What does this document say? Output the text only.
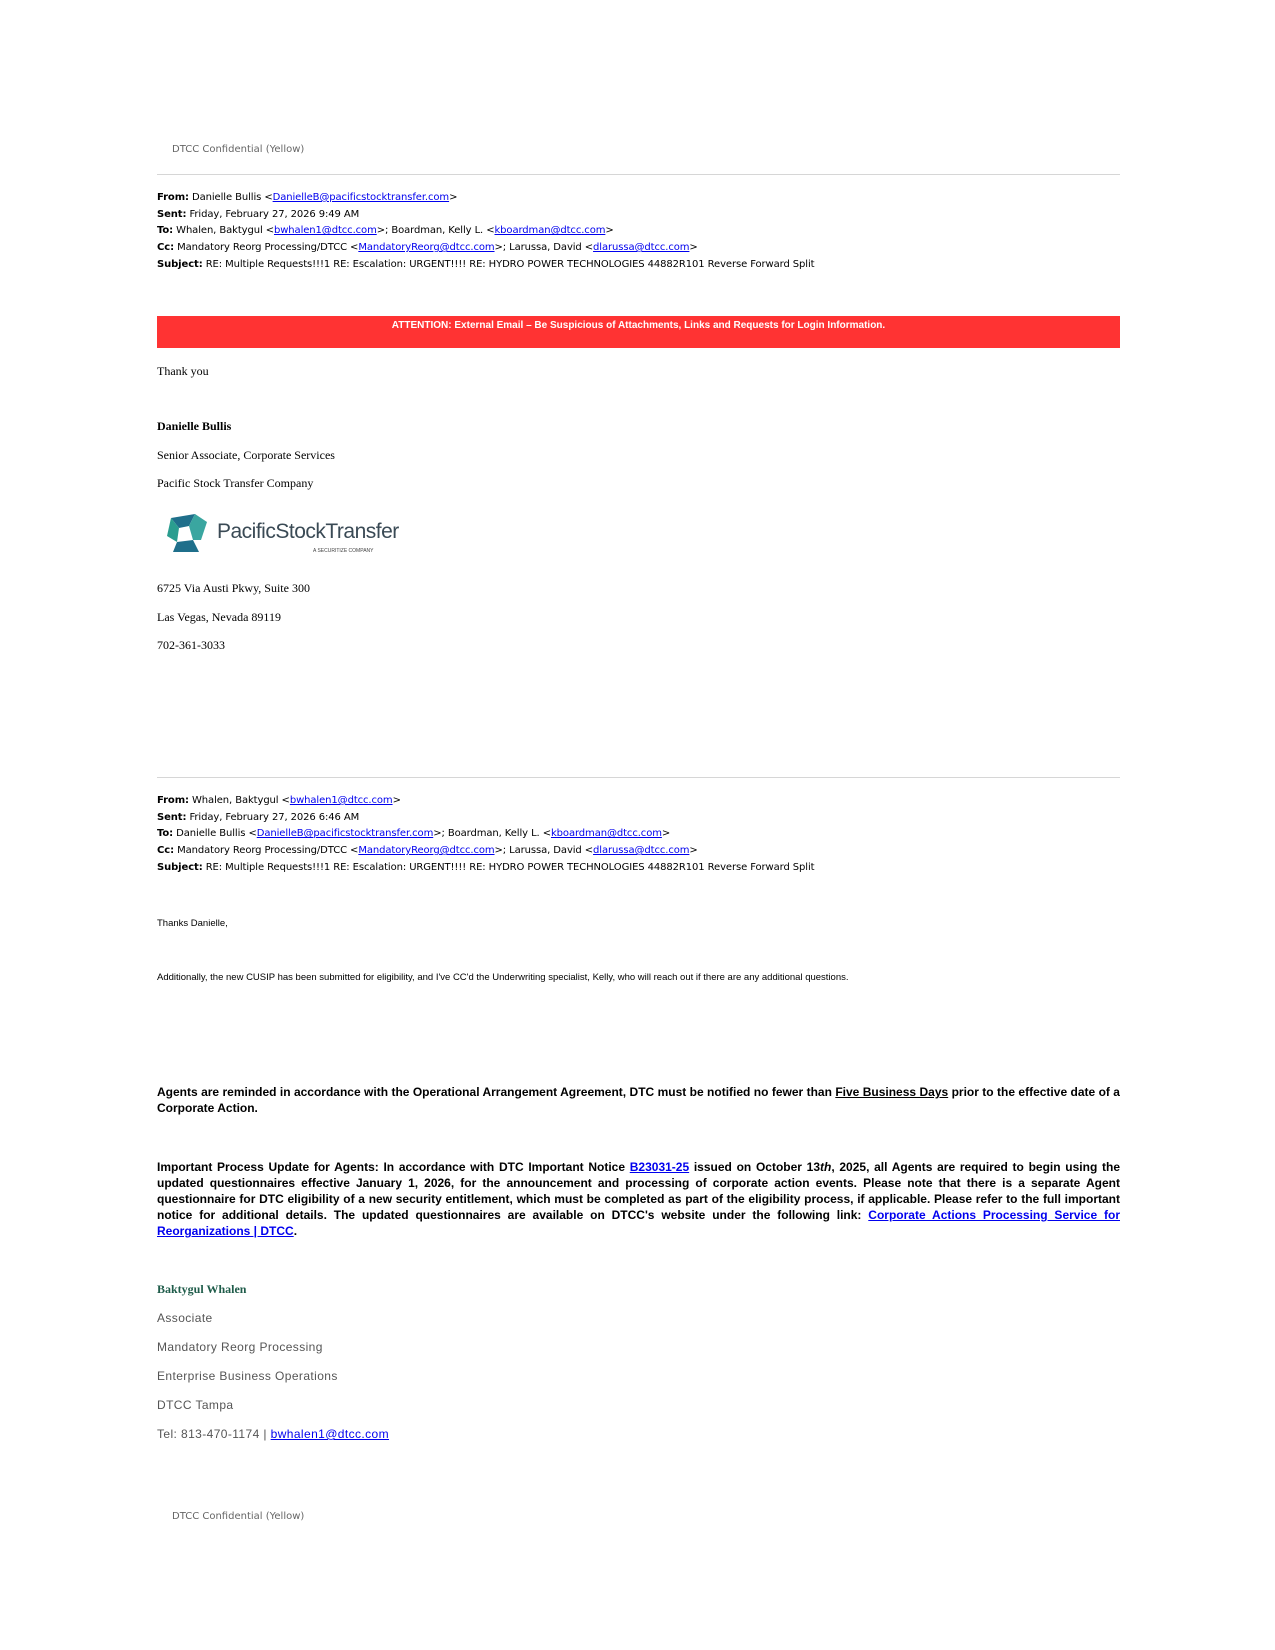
DTCC Confidential (Yellow)
From: Danielle Bullis <DanielleB@pacificstocktransfer.com>
Sent: Friday, February 27, 2026 9:49 AM
To: Whalen, Baktygul <bwhalen1@dtcc.com>; Boardman, Kelly L. <kboardman@dtcc.com>
Cc: Mandatory Reorg Processing/DTCC <MandatoryReorg@dtcc.com>; Larussa, David <dlarussa@dtcc.com>
Subject: RE: Multiple Requests!!!1 RE: Escalation: URGENT!!!! RE: HYDRO POWER TECHNOLOGIES 44882R101 Reverse Forward Split
ATTENTION: External Email – Be Suspicious of Attachments, Links and Requests for Login Information.
Thank you
Danielle Bullis
Senior Associate, Corporate Services
Pacific Stock Transfer Company
PacificStockTransfer
A SECURITIZE COMPANY
6725 Via Austi Pkwy, Suite 300
Las Vegas, Nevada 89119
702-361-3033
From: Whalen, Baktygul <bwhalen1@dtcc.com>
Sent: Friday, February 27, 2026 6:46 AM
To: Danielle Bullis <DanielleB@pacificstocktransfer.com>; Boardman, Kelly L. <kboardman@dtcc.com>
Cc: Mandatory Reorg Processing/DTCC <MandatoryReorg@dtcc.com>; Larussa, David <dlarussa@dtcc.com>
Subject: RE: Multiple Requests!!!1 RE: Escalation: URGENT!!!! RE: HYDRO POWER TECHNOLOGIES 44882R101 Reverse Forward Split
Thanks Danielle,
Additionally, the new CUSIP has been submitted for eligibility, and I've CC'd the Underwriting specialist, Kelly, who will reach out if there are any additional questions.
Agents are reminded in accordance with the Operational Arrangement Agreement, DTC must be notified no fewer than Five Business Days prior to the effective date of a Corporate Action.
Important Process Update for Agents: In accordance with DTC Important Notice B23031-25 issued on October 13th, 2025, all Agents are required to begin using the updated questionnaires effective January 1, 2026, for the announcement and processing of corporate action events. Please note that there is a separate Agent questionnaire for DTC eligibility of a new security entitlement, which must be completed as part of the eligibility process, if applicable. Please refer to the full important notice for additional details. The updated questionnaires are available on DTCC's website under the following link: Corporate Actions Processing Service for Reorganizations | DTCC.
Baktygul Whalen
Associate
Mandatory Reorg Processing
Enterprise Business Operations
DTCC Tampa
Tel: 813-470-1174 | bwhalen1@dtcc.com
DTCC Confidential (Yellow)
